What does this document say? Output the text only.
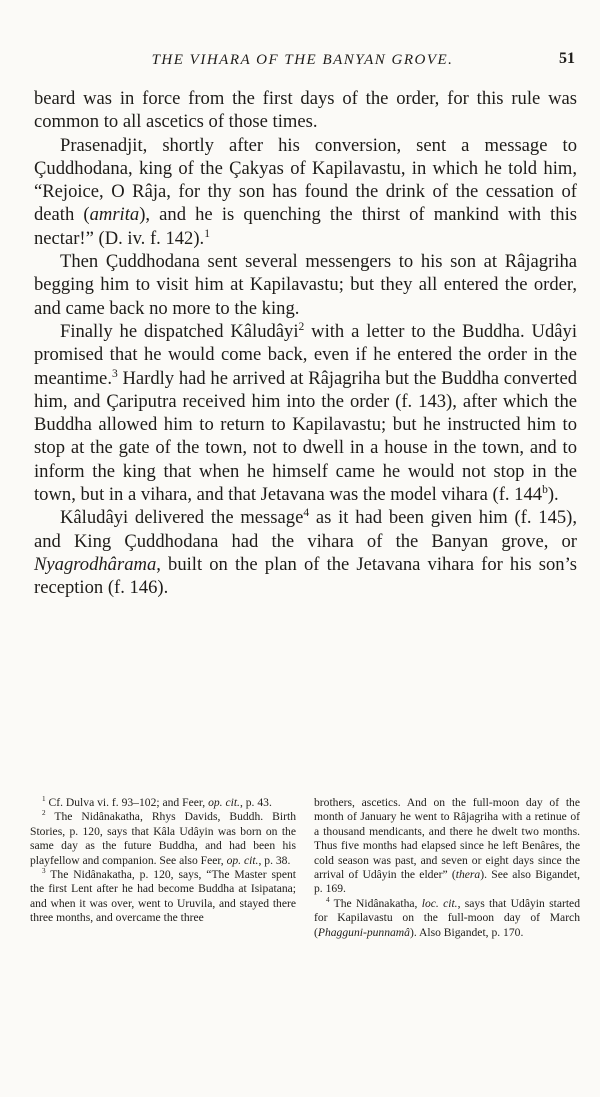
THE VIHARA OF THE BANYAN GROVE.	51

beard was in force from the first days of the order, for this rule was common to all ascetics of those times.

Prasenadjit, shortly after his conversion, sent a message to Çuddhodana, king of the Çakyas of Kapilavastu, in which he told him, “Rejoice, O Râja, for thy son has found the drink of the cessation of death (amrita), and he is quenching the thirst of mankind with this nectar!” (D. iv. f. 142).$^1$

Then Çuddhodana sent several messengers to his son at Râjagriha begging him to visit him at Kapilavastu; but they all entered the order, and came back no more to the king.

Finally he dispatched Kâludâyi$^2$ with a letter to the Buddha. Udâyi promised that he would come back, even if he entered the order in the meantime.$^3$ Hardly had he arrived at Râjagriha but the Buddha converted him, and Çariputra received him into the order (f. 143), after which the Buddha allowed him to return to Kapilavastu; but he instructed him to stop at the gate of the town, not to dwell in a house in the town, and to inform the king that when he himself came he would not stop in the town, but in a vihara, and that Jetavana was the model vihara (f. 144$^b$).

Kâludâyi delivered the message$^4$ as it had been given him (f. 145), and King Çuddhodana had the vihara of the Banyan grove, or Nyagrodhârama, built on the plan of the Jetavana vihara for his son’s reception (f. 146).

$^1$ Cf. Dulva vi. f. 93–102; and Feer, op. cit., p. 43.

$^2$ The Nidânakatha, Rhys Davids, Buddh. Birth Stories, p. 120, says that Kâla Udâyin was born on the same day as the future Buddha, and had been his playfellow and companion. See also Feer, op. cit., p. 38.

$^3$ The Nidânakatha, p. 120, says, “The Master spent the first Lent after he had become Buddha at Isipatana; and when it was over, went to Uruvila, and stayed there three months, and overcame the three

brothers, ascetics. And on the full-moon day of the month of January he went to Râjagriha with a retinue of a thousand mendicants, and there he dwelt two months. Thus five months had elapsed since he left Benâres, the cold season was past, and seven or eight days since the arrival of Udâyin the elder” (thera). See also Bigandet, p. 169.

$^4$ The Nidânakatha, loc. cit., says that Udâyin started for Kapilavastu on the full-moon day of March (Phagguni-punnamâ). Also Bigandet, p. 170.
